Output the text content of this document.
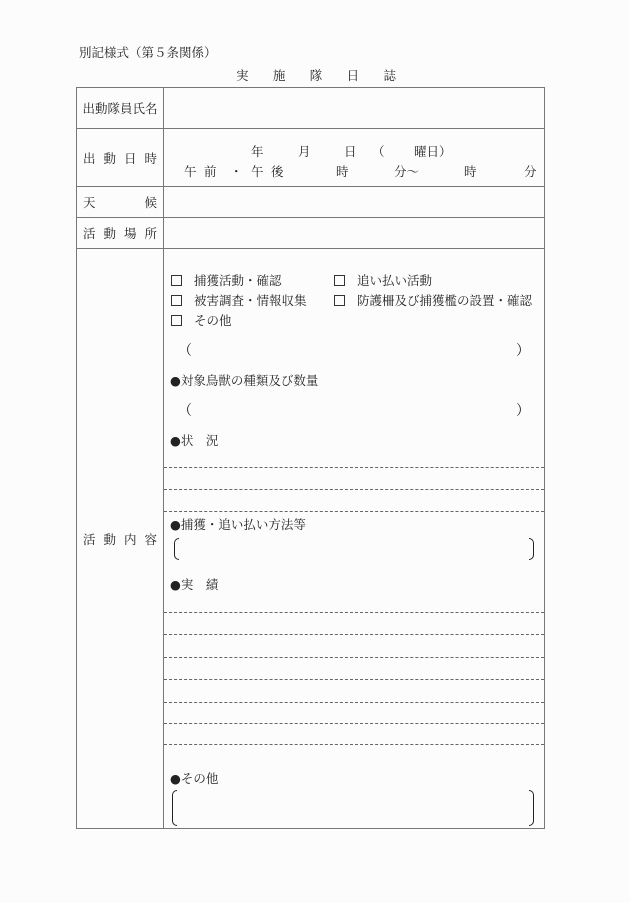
別記様式（第５条関係）
実 施 隊 日 誌
出動隊員氏名
出 動 日 時	年	月	日 （ 曜日）
午 前 ・ 午 後	時	分～	時	分
天	候
活 動 場 所
活 動 内 容
捕獲活動・確認	追い払い活動
被害調査・情報収集	防護柵及び捕獲檻の設置・確認
その他
（	）
●対象鳥獣の種類及び数量
（	）
●状　況
●捕獲・追い払い方法等
●実　績
●その他
